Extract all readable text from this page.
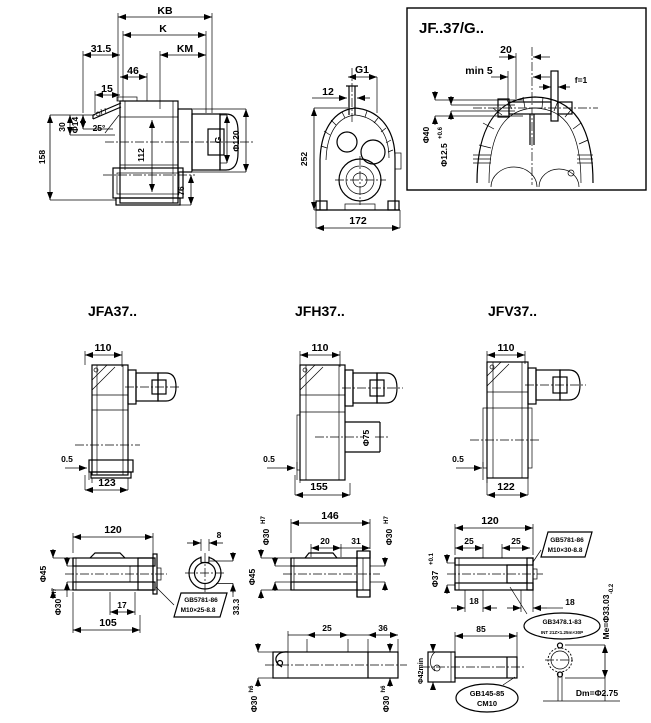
KB
K
31.5	KM
46
15
25°
158
30 Φ14
112
76
G Φ120
G1
12
252
172
JF..37/G..
20
min 5
f=1
Φ40
Φ12.5
+0.6
JFA37..
110
0.5
123
JFH37..
Φ75
110
0.5
155
JFV37..
110
0.5
122
120
Φ45
Φ30
H7
17
105
GB5781-86
M10×25-8.8
8
33.3
146
20	31
Φ30
H7
Φ30
H7
Φ45
25	36
Φ30
h6
Φ30
h6
120
25	25	GB5781-86
M10×30-8.8
Φ37
+0.1
18	18
GB3478.1-83
INT 21Z×1.25m×30P Me=Φ33.03
-0.2
Dm=Φ2.75
85
Φ42min
GB145-85
CM10
